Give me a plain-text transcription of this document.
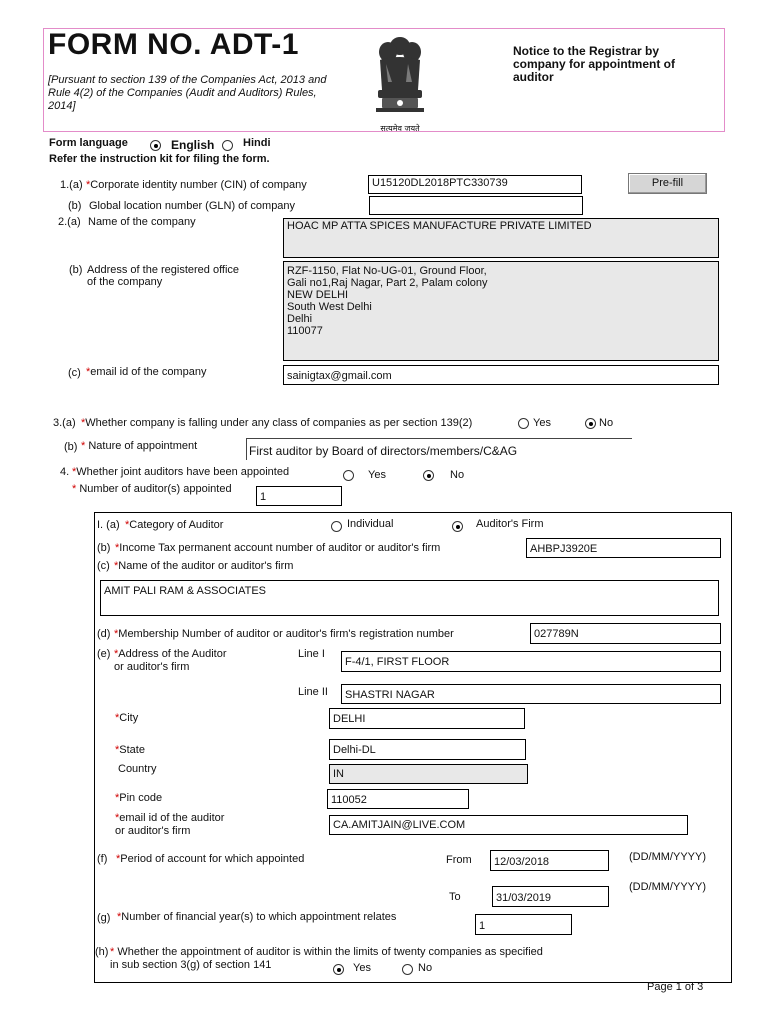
FORM NO. ADT-1
[Pursuant to section 139 of the Companies Act, 2013 and Rule 4(2) of the Companies (Audit and Auditors) Rules, 2014]
Notice to the Registrar by company for appointment of auditor
सत्यमेव जयते
Form language	English	Hindi
Refer the instruction kit for filing the form.
1.(a) *Corporate identity number (CIN) of company	U15120DL2018PTC330739	Pre-fill
(b) Global location number (GLN) of company
2.(a) Name of the company	HOAC MP ATTA SPICES MANUFACTURE PRIVATE LIMITED
(b) Address of the registered office
of the company
RZF-1150, Flat No-UG-01, Ground Floor,
Gali no1,Raj Nagar, Part 2, Palam colony
NEW DELHI
South West Delhi
Delhi
110077
(c) *email id of the company	sainigtax@gmail.com
3.(a) *Whether company is falling under any class of companies as per section 139(2)	Yes	No
(b) * Nature of appointment	First auditor by Board of directors/members/C&AG
4. *Whether joint auditors have been appointed	Yes	No
* Number of auditor(s) appointed
1
I. (a) *Category of Auditor	Individual	Auditor's Firm
(b) *Income Tax permanent account number of auditor or auditor's firm	AHBPJ3920E
(c) *Name of the auditor or auditor's firm
AMIT PALI RAM & ASSOCIATES
(d) *Membership Number of auditor or auditor's firm's registration number	027789N
(e) *Address of the Auditor
or auditor's firm
Line I
F-4/1, FIRST FLOOR
Line II	SHASTRI NAGAR
*City	DELHI
*State	Delhi-DL
Country	IN
*Pin code	110052
*email id of the auditor
or auditor's firm	CA.AMITJAIN@LIVE.COM
(f) *Period of account for which appointed	From	12/03/2018	(DD/MM/YYYY)
To	31/03/2019
(DD/MM/YYYY)
(g) *Number of financial year(s) to which appointment relates
1
(h) * Whether the appointment of auditor is within the limits of twenty companies as specified
in sub section 3(g) of section 141	Yes	No
Page 1 of 3
